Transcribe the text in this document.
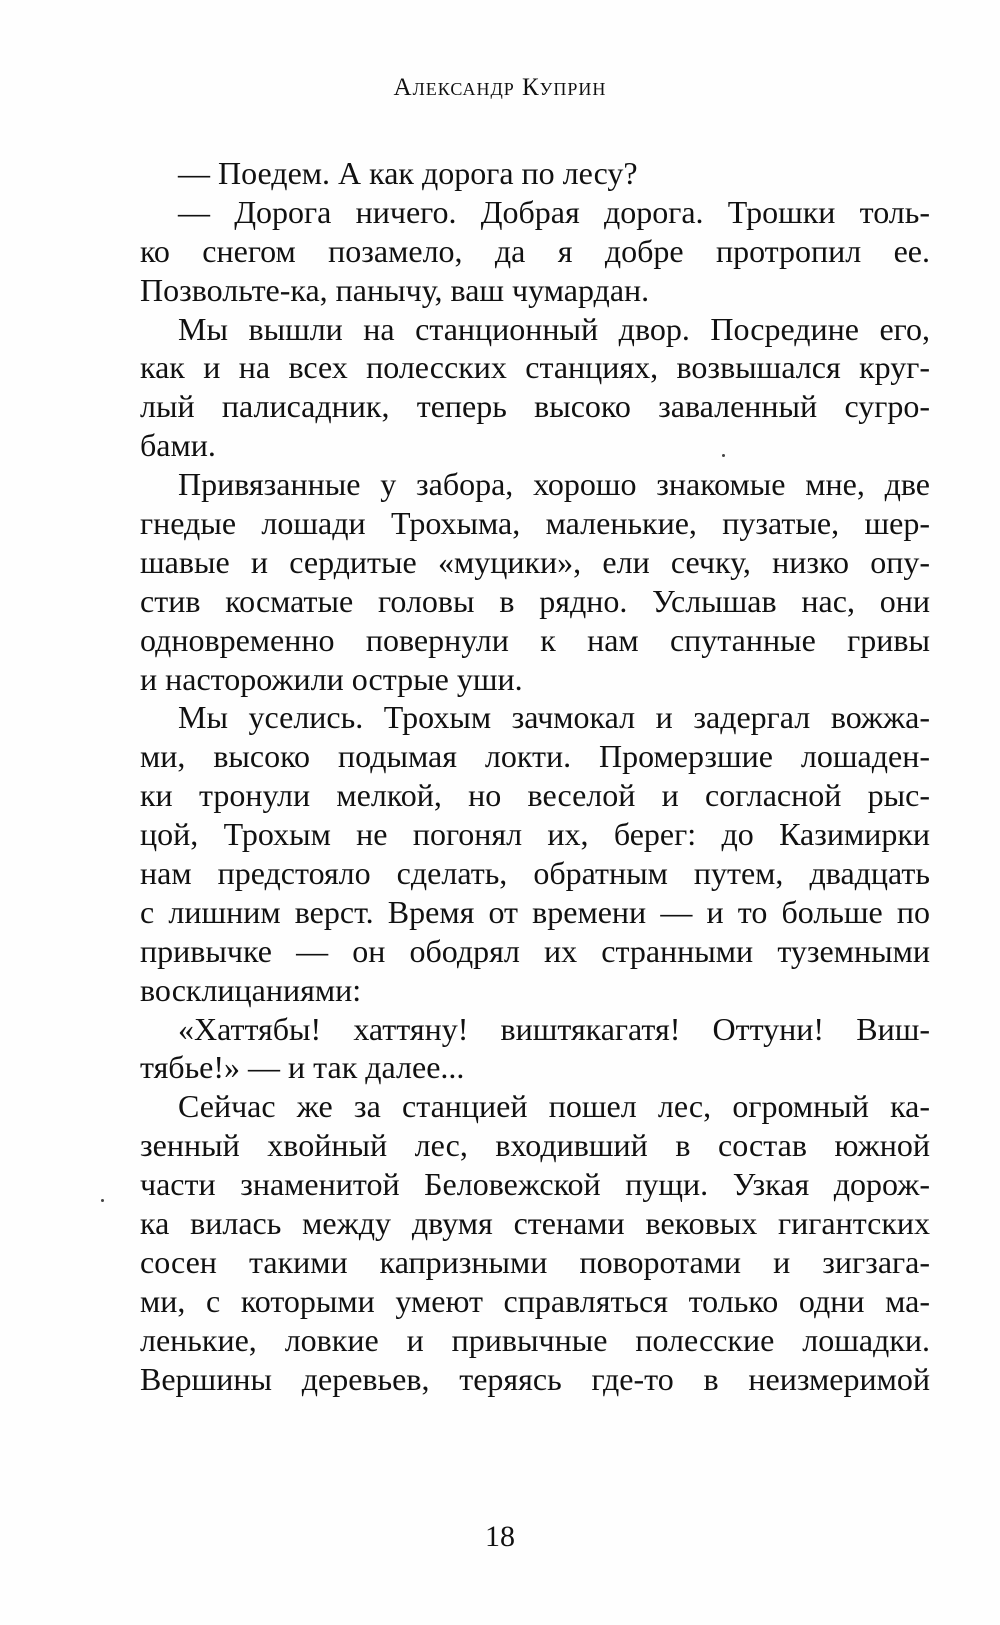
Александр Куприн
— Поедем. А как дорога по лесу?
— Дорога ничего. Добрая дорога. Трошки толь-
ко снегом позамело, да я добре протропил ее.
Позвольте-ка, панычу, ваш чумардан.
Мы вышли на станционный двор. Посредине его,
как и на всех полесских станциях, возвышался круг-
лый палисадник, теперь высоко заваленный сугро-
бами.
Привязанные у забора, хорошо знакомые мне, две
гнедые лошади Трохыма, маленькие, пузатые, шер-
шавые и сердитые «муцики», ели сечку, низко опу-
стив косматые головы в рядно. Услышав нас, они
одновременно повернули к нам спутанные гривы
и насторожили острые уши.
Мы уселись. Трохым зачмокал и задергал вожжа-
ми, высоко подымая локти. Промерзшие лошаден-
ки тронули мелкой, но веселой и согласной рыс-
цой, Трохым не погонял их, берег: до Казимирки
нам предстояло сделать, обратным путем, двадцать
с лишним верст. Время от времени — и то больше по
привычке — он ободрял их странными туземными
восклицаниями:
«Хаттябы! хаттяну! виштякагатя! Оттуни! Виш-
тябье!» — и так далее...
Сейчас же за станцией пошел лес, огромный ка-
зенный хвойный лес, входивший в состав южной
части знаменитой Беловежской пущи. Узкая дорож-
ка вилась между двумя стенами вековых гигантских
сосен такими капризными поворотами и зигзага-
ми, с которыми умеют справляться только одни ма-
ленькие, ловкие и привычные полесские лошадки.
Вершины деревьев, теряясь где-то в неизмеримой
18
